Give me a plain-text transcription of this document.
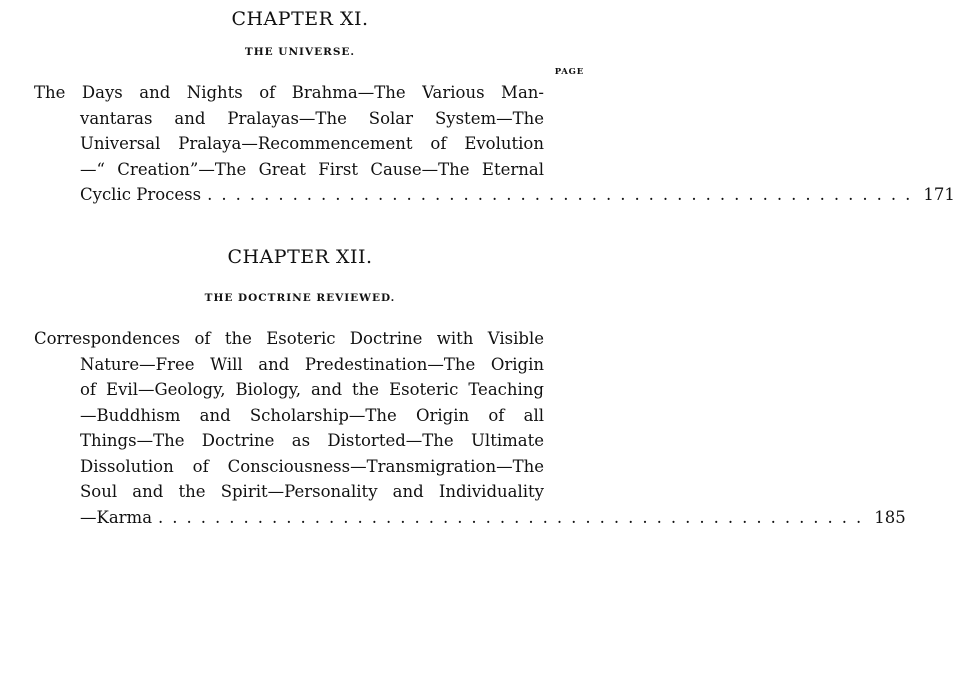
CHAPTER XI.
THE UNIVERSE.
PAGE
The Days and Nights of Brahma—The Various Man-
vantaras and Pralayas—The Solar System—The
Universal Pralaya—Recommencement of Evolution
—“ Creation”—The Great First Cause—The Eternal
Cyclic Process .................................................. 171
CHAPTER XII.
THE DOCTRINE REVIEWED.
Correspondences of the Esoteric Doctrine with Visible
Nature—Free Will and Predestination—The Origin
of Evil—Geology, Biology, and the Esoteric Teaching
—Buddhism and Scholarship—The Origin of all
Things—The Doctrine as Distorted—The Ultimate
Dissolution of Consciousness—Transmigration—The
Soul and the Spirit—Personality and Individuality
—Karma .................................................. 185
